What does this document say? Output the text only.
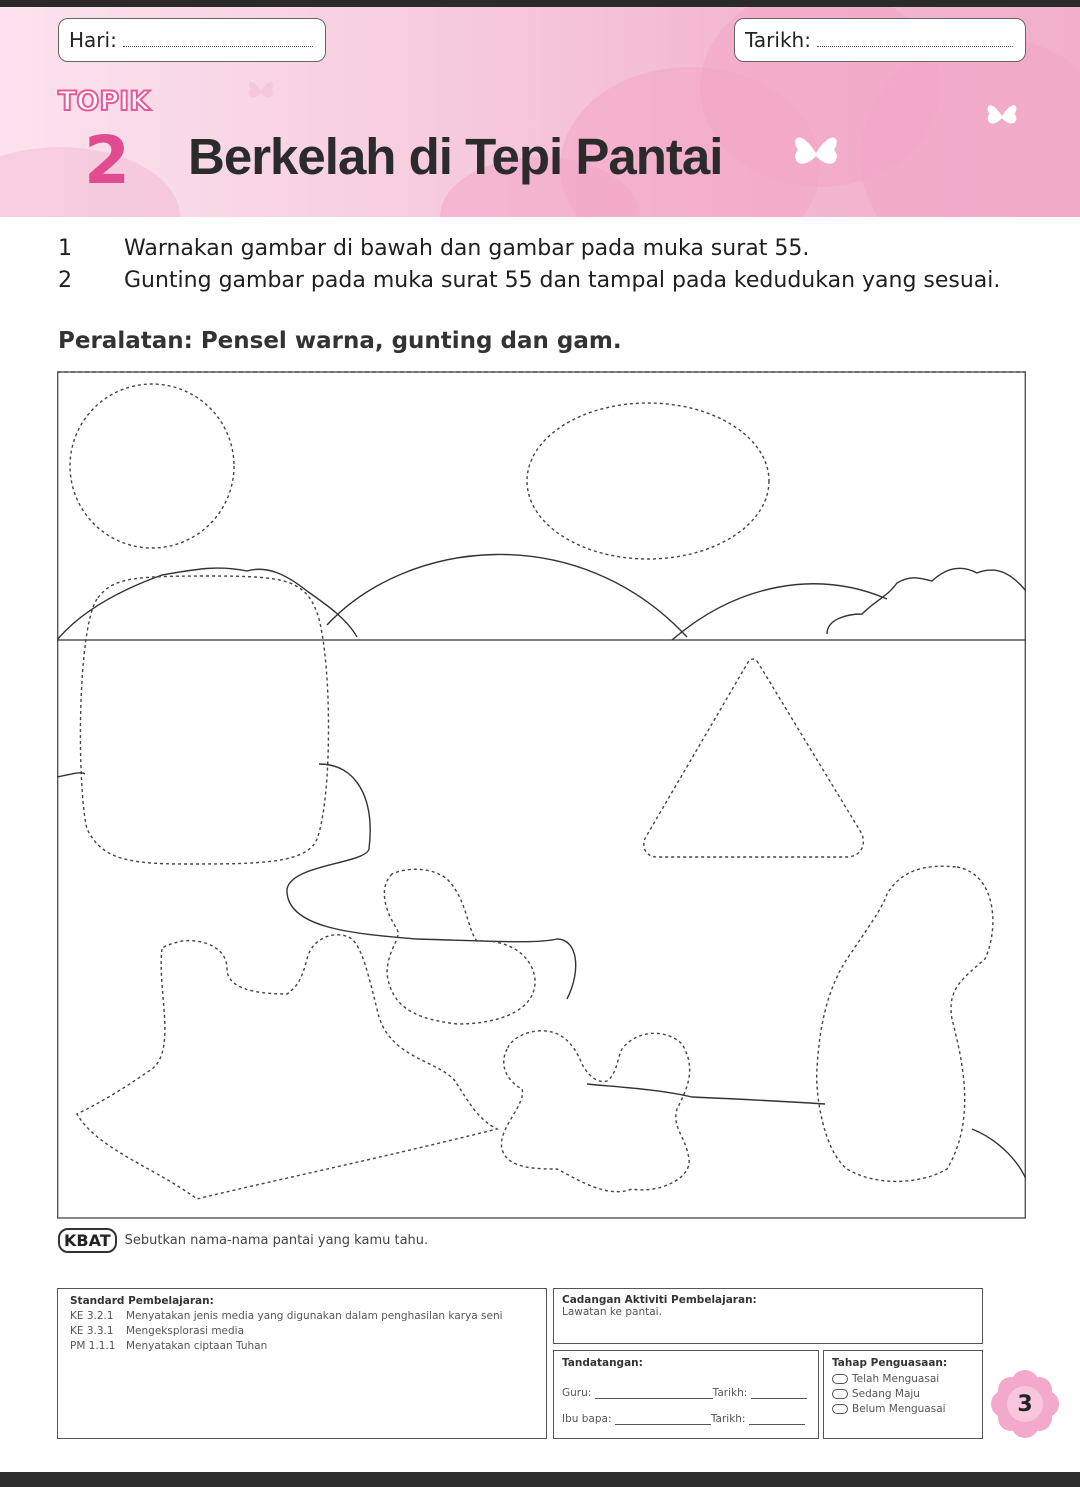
Hari:	Tarikh:
TOPIK
2 Berkelah di Tepi Pantai
1 Warnakan gambar di bawah dan gambar pada muka surat 55.
2 Gunting gambar pada muka surat 55 dan tampal pada kedudukan yang sesuai.
Peralatan: Pensel warna, gunting dan gam.
KBAT	Sebutkan nama-nama pantai yang kamu tahu.
Standard Pembelajaran:
KE 3.2.1	Menyatakan jenis media yang digunakan dalam penghasilan karya seni
KE 3.3.1	Mengeksplorasi media
PM 1.1.1	Menyatakan ciptaan Tuhan
Cadangan Aktiviti Pembelajaran:
Lawatan ke pantai.
Tandatangan:
Guru:	Tarikh:
Ibu bapa:	Tarikh:
Tahap Penguasaan:
Telah Menguasai
Sedang Maju
Belum Menguasai	3
